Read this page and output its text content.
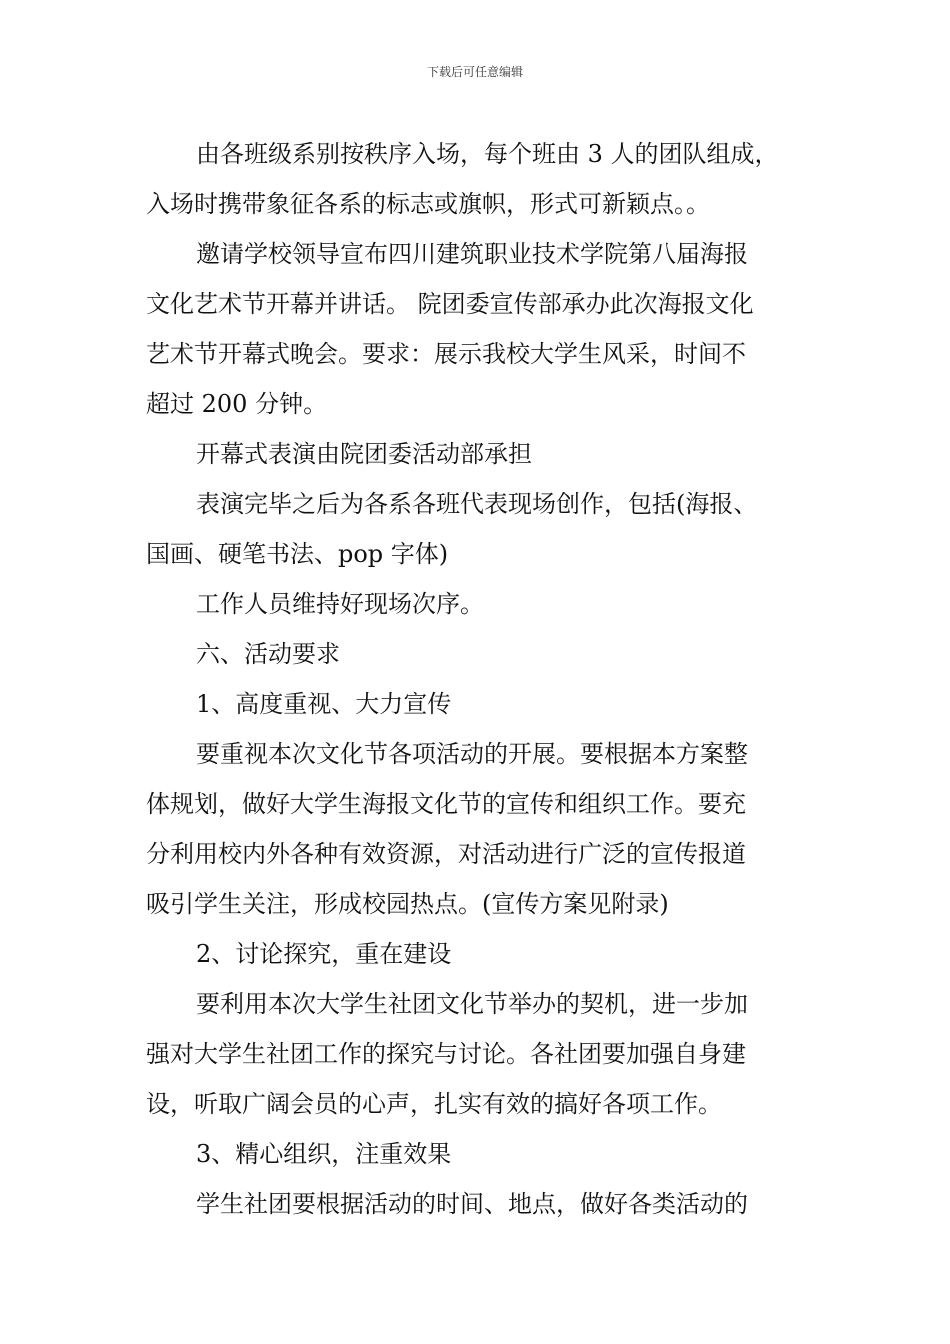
下载后可任意编辑

由各班级系别按秩序入场，每个班由 3 人的团队组成，
入场时携带象征各系的标志或旗帜，形式可新颖点。。

邀请学校领导宣布四川建筑职业技术学院第八届海报
文化艺术节开幕并讲话。 院团委宣传部承办此次海报文化
艺术节开幕式晚会。要求：展示我校大学生风采，时间不
超过 200 分钟。

开幕式表演由院团委活动部承担

表演完毕之后为各系各班代表现场创作，包括(海报、
国画、硬笔书法、pop 字体)

工作人员维持好现场次序。

六、活动要求

1、高度重视、大力宣传

要重视本次文化节各项活动的开展。要根据本方案整
体规划，做好大学生海报文化节的宣传和组织工作。要充
分利用校内外各种有效资源，对活动进行广泛的宣传报道
吸引学生关注，形成校园热点。(宣传方案见附录)

2、讨论探究，重在建设

要利用本次大学生社团文化节举办的契机，进一步加
强对大学生社团工作的探究与讨论。各社团要加强自身建
设，听取广阔会员的心声，扎实有效的搞好各项工作。

3、精心组织，注重效果

学生社团要根据活动的时间、地点，做好各类活动的
